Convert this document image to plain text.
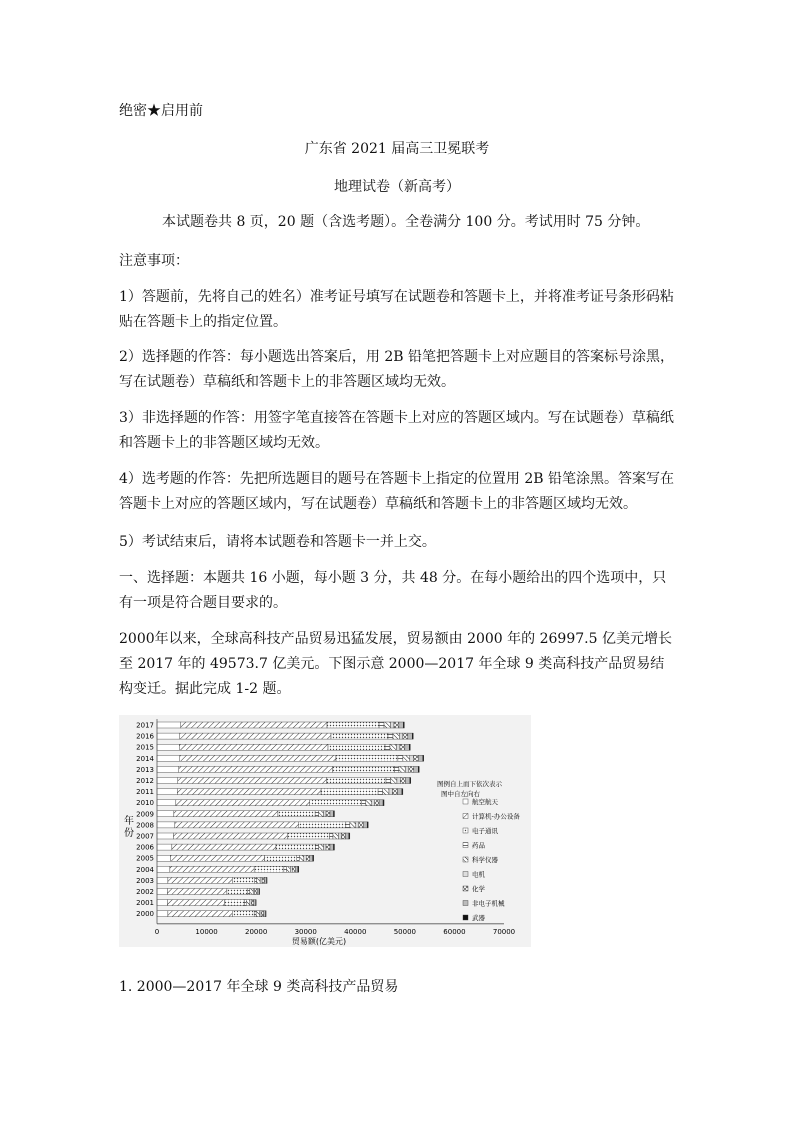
绝密★启用前
广东省 2021 届高三卫冕联考
地理试卷（新高考）
本试题卷共 8 页，20 题（含选考题）。全卷满分 100 分。考试用时 75 分钟。
注意事项：
1）答题前，先将自己的姓名）准考证号填写在试题卷和答题卡上，并将准考证号条形码粘贴在答题卡上的指定位置。
2）选择题的作答：每小题选出答案后，用 2B 铅笔把答题卡上对应题目的答案标号涂黑，写在试题卷）草稿纸和答题卡上的非答题区域均无效。
3）非选择题的作答：用签字笔直接答在答题卡上对应的答题区域内。写在试题卷）草稿纸和答题卡上的非答题区域均无效。
4）选考题的作答：先把所选题目的题号在答题卡上指定的位置用 2B 铅笔涂黑。答案写在答题卡上对应的答题区域内，写在试题卷）草稿纸和答题卡上的非答题区域均无效。
5）考试结束后，请将本试题卷和答题卡一并上交。
一、选择题：本题共 16 小题，每小题 3 分，共 48 分。在每小题给出的四个选项中，只有一项是符合题目要求的。
2000年以来，全球高科技产品贸易迅猛发展，贸易额由 2000 年的 26997.5 亿美元增长至 2017 年的 49573.7 亿美元。下图示意 2000—2017 年全球 9 类高科技产品贸易结构变迁。据此完成 1-2 题。
年份
贸易额(亿美元)
2017
2016
2015
2014
2013
2012
2011
2010
2009
2008
2007
2006
2005
2004
2003
2002
2001
2000
0	10000	20000	30000	40000	50000	60000	70000
图例自上而下依次表示
图中自左向右
航空航天
计算机-办公设备
电子通讯
药品
科学仪器
电机
化学
非电子机械
武器
1. 2000—2017 年全球 9 类高科技产品贸易
